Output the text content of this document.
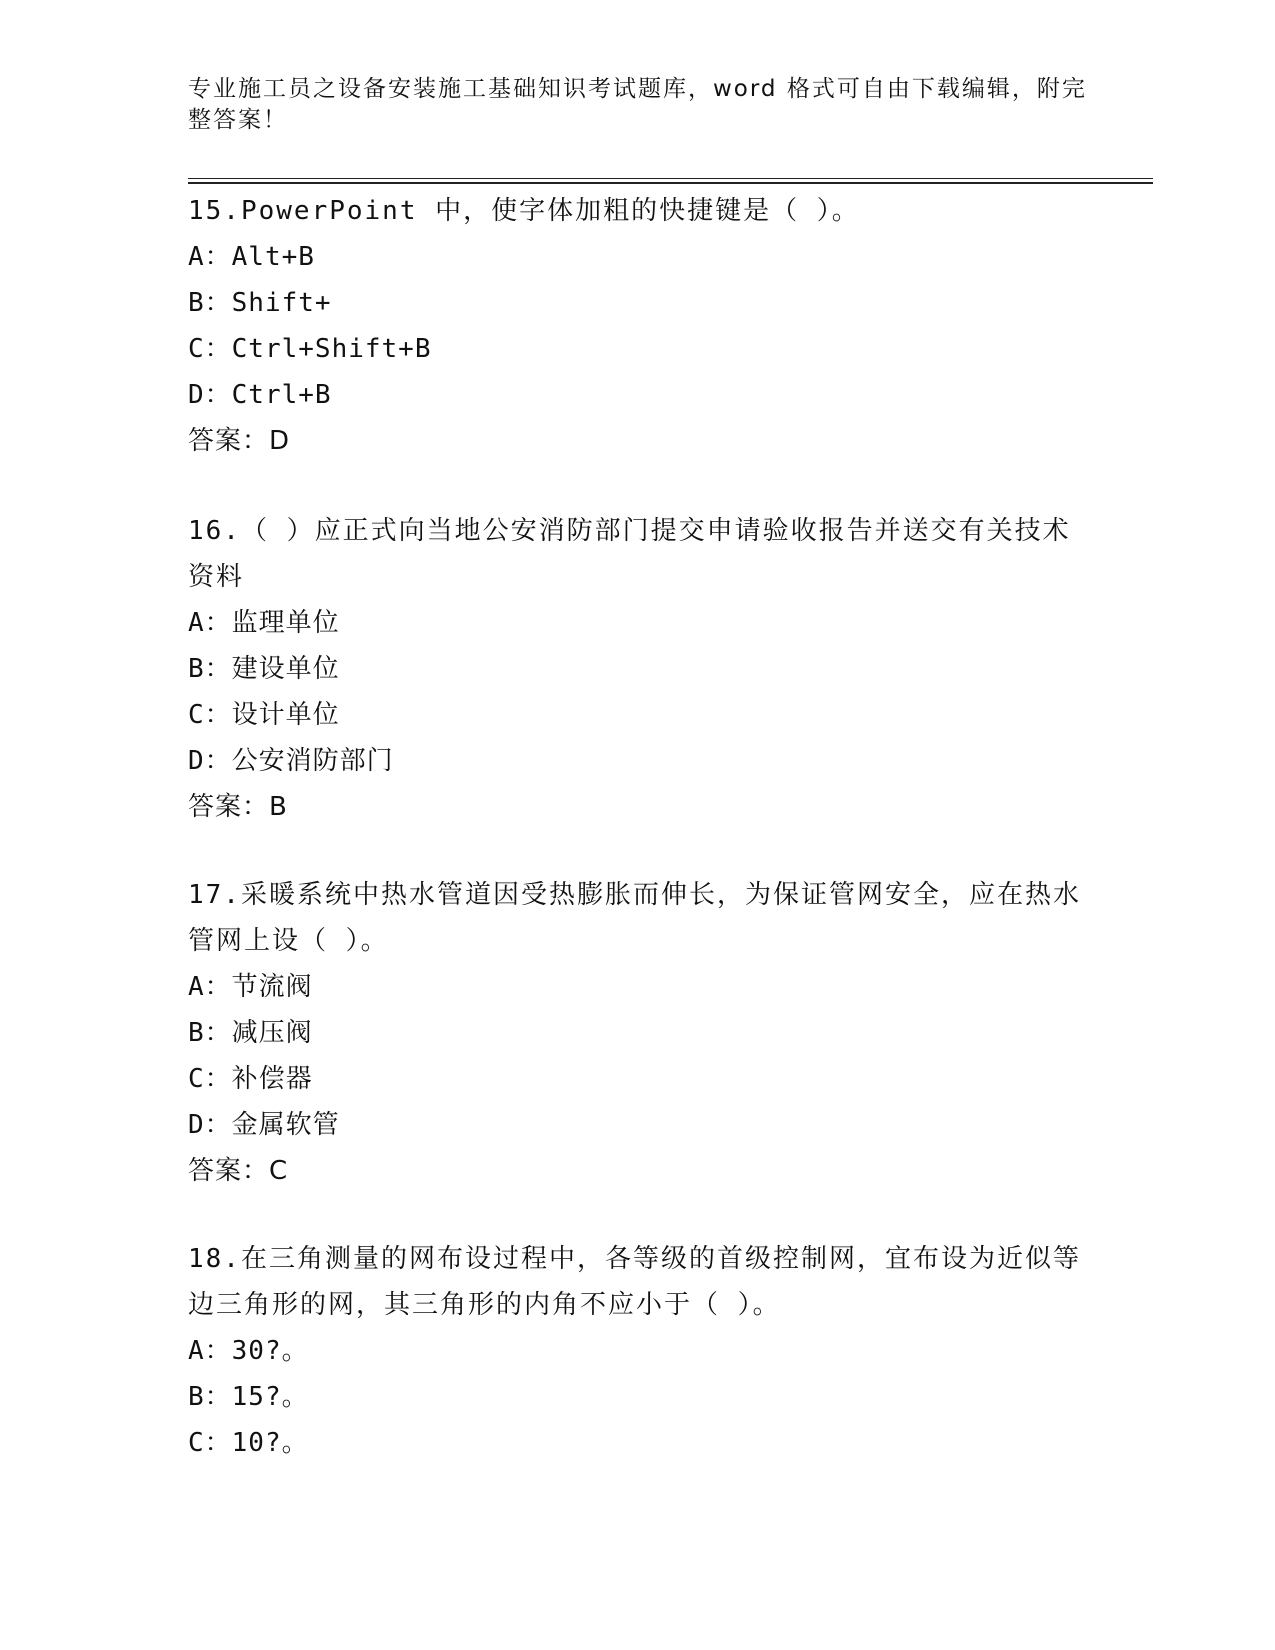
专业施工员之设备安装施工基础知识考试题库，word 格式可自由下载编辑，附完整答案！

15.PowerPoint 中，使字体加粗的快捷键是（ ）。

A：Alt+B

B：Shift+

C：Ctrl+Shift+B

D：Ctrl+B

答案：D

16.（ ）应正式向当地公安消防部门提交申请验收报告并送交有关技术资料

A：监理单位

B：建设单位

C：设计单位

D：公安消防部门

答案：B

17.采暖系统中热水管道因受热膨胀而伸长，为保证管网安全，应在热水管网上设（ ）。

A：节流阀

B：减压阀

C：补偿器

D：金属软管

答案：C

18.在三角测量的网布设过程中，各等级的首级控制网，宜布设为近似等边三角形的网，其三角形的内角不应小于（ ）。

A：30?。

B：15?。

C：10?。
